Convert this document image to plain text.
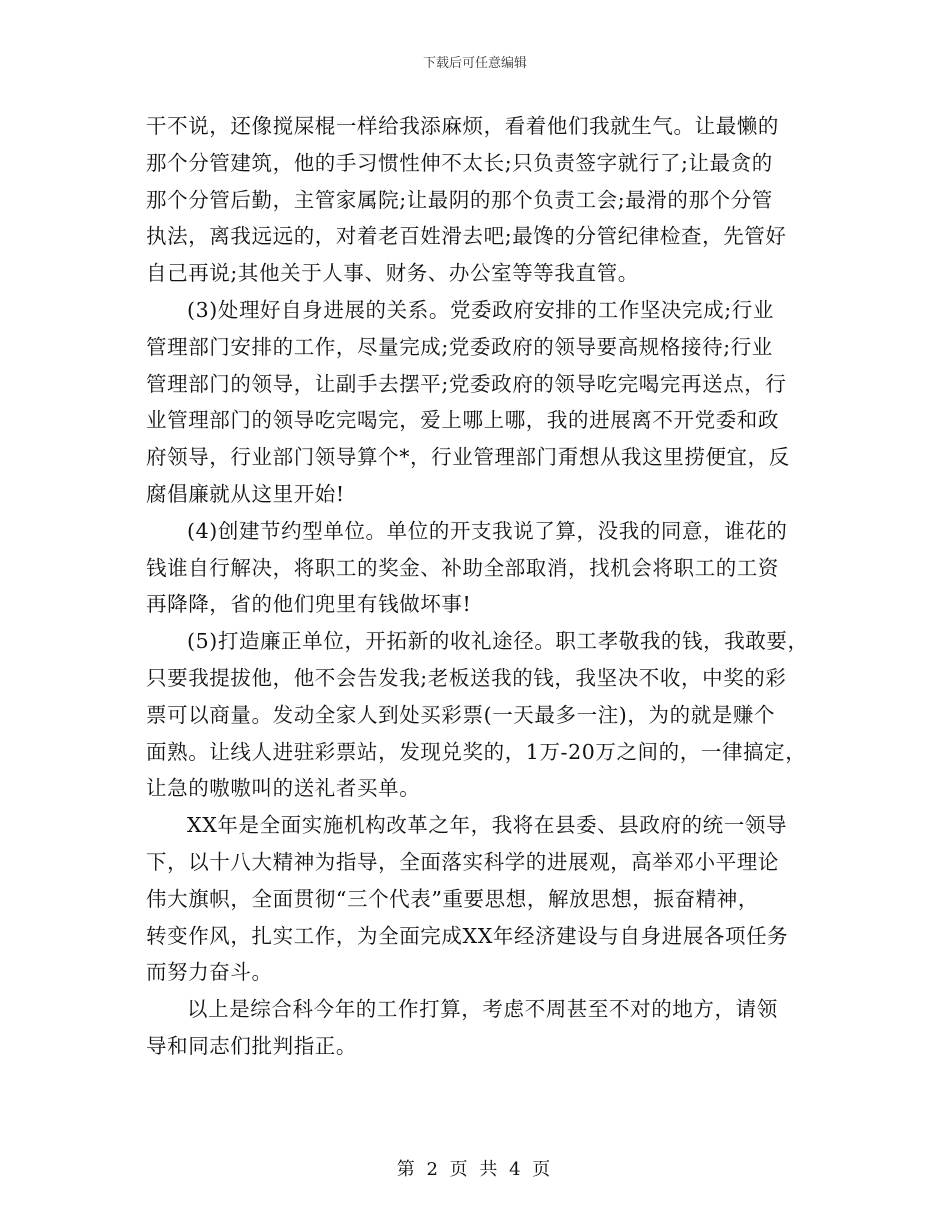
下载后可任意编辑

干不说，还像搅屎棍一样给我添麻烦，看着他们我就生气。让最懒的
那个分管建筑，他的手习惯性伸不太长;只负责签字就行了;让最贪的
那个分管后勤，主管家属院;让最阴的那个负责工会;最滑的那个分管
执法，离我远远的，对着老百姓滑去吧;最馋的分管纪律检查，先管好
自己再说;其他关于人事、财务、办公室等等我直管。

(3)处理好自身进展的关系。党委政府安排的工作坚决完成;行业
管理部门安排的工作，尽量完成;党委政府的领导要高规格接待;行业
管理部门的领导，让副手去摆平;党委政府的领导吃完喝完再送点，行
业管理部门的领导吃完喝完，爱上哪上哪，我的进展离不开党委和政
府领导，行业部门领导算个*，行业管理部门甭想从我这里捞便宜，反
腐倡廉就从这里开始!

(4)创建节约型单位。单位的开支我说了算，没我的同意，谁花的
钱谁自行解决，将职工的奖金、补助全部取消，找机会将职工的工资
再降降，省的他们兜里有钱做坏事!

(5)打造廉正单位，开拓新的收礼途径。职工孝敬我的钱，我敢要，
只要我提拔他，他不会告发我;老板送我的钱，我坚决不收，中奖的彩
票可以商量。发动全家人到处买彩票(一天最多一注)，为的就是赚个
面熟。让线人进驻彩票站，发现兑奖的，1万-20万之间的，一律搞定，
让急的嗷嗷叫的送礼者买单。

XX年是全面实施机构改革之年，我将在县委、县政府的统一领导
下，以十八大精神为指导，全面落实科学的进展观，高举邓小平理论
伟大旗帜，全面贯彻“三个代表”重要思想，解放思想，振奋精神，
转变作风，扎实工作，为全面完成XX年经济建设与自身进展各项任务
而努力奋斗。

以上是综合科今年的工作打算，考虑不周甚至不对的地方，请领
导和同志们批判指正。

第 2 页 共 4 页
